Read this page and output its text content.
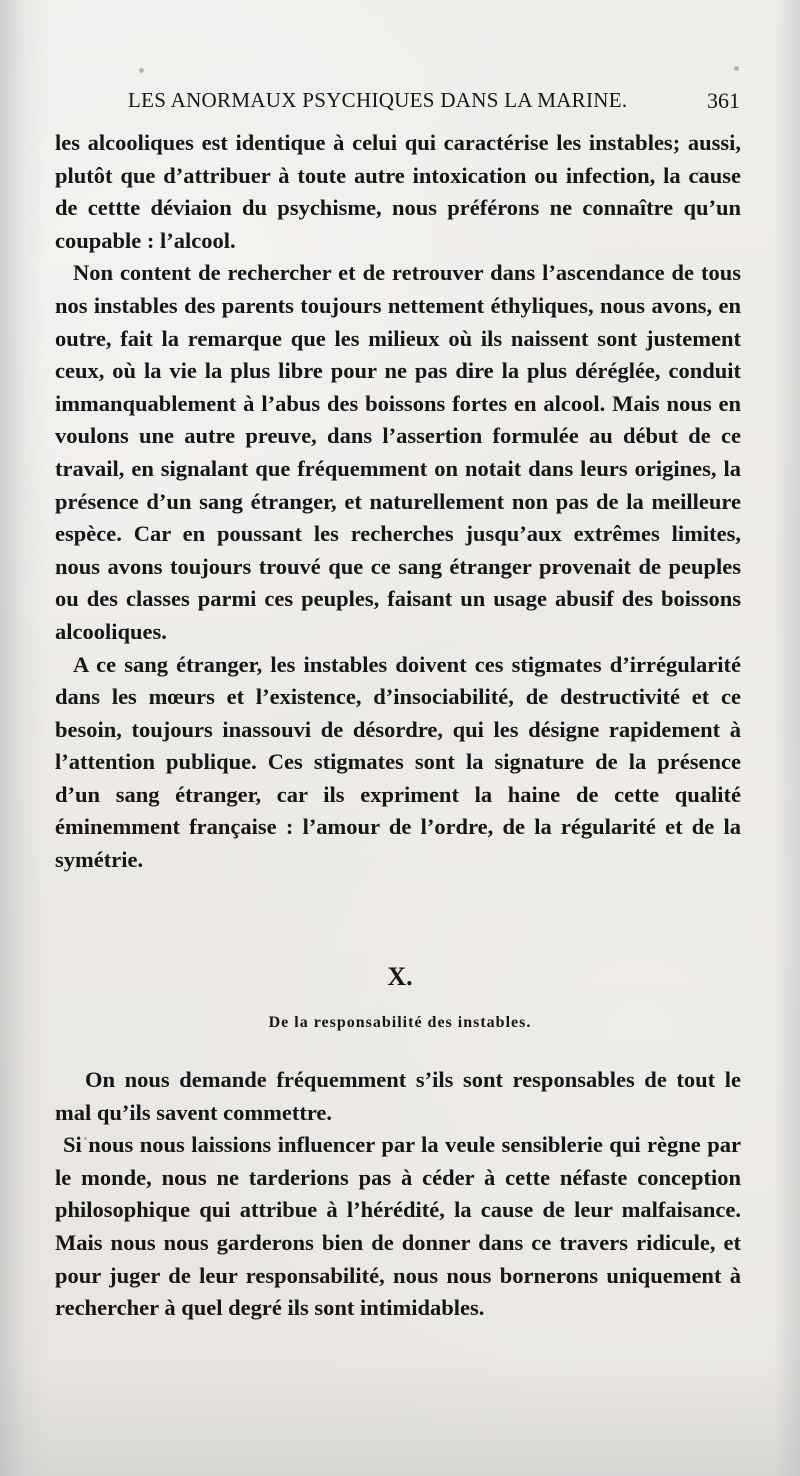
LES ANORMAUX PSYCHIQUES DANS LA MARINE.	361

les alcooliques est identique à celui qui caractérise les instables; aussi, plutôt que d’attribuer à toute autre intoxication ou infection, la cause de cettte déviaion du psychisme, nous préférons ne connaître qu’un coupable : l’alcool.

Non content de rechercher et de retrouver dans l’ascendance de tous nos instables des parents toujours nettement éthyliques, nous avons, en outre, fait la remarque que les milieux où ils naissent sont justement ceux, où la vie la plus libre pour ne pas dire la plus déréglée, conduit immanquablement à l’abus des boissons fortes en alcool. Mais nous en voulons une autre preuve, dans l’assertion formulée au début de ce travail, en signalant que fréquemment on notait dans leurs origines, la présence d’un sang étranger, et naturellement non pas de la meilleure espèce. Car en poussant les recherches jusqu’aux extrêmes limites, nous avons toujours trouvé que ce sang étranger provenait de peuples ou des classes parmi ces peuples, faisant un usage abusif des boissons alcooliques.

A ce sang étranger, les instables doivent ces stigmates d’irrégularité dans les mœurs et l’existence, d’insociabilité, de destructivité et ce besoin, toujours inassouvi de désordre, qui les désigne rapidement à l’attention publique. Ces stigmates sont la signature de la présence d’un sang étranger, car ils expriment la haine de cette qualité éminemment française : l’amour de l’ordre, de la régularité et de la symétrie.

X.
De la responsabilité des instables.

On nous demande fréquemment s’ils sont responsables de tout le mal qu’ils savent commettre.

Si nous nous laissions influencer par la veule sensiblerie qui règne par le monde, nous ne tarderions pas à céder à cette néfaste conception philosophique qui attribue à l’hérédité, la cause de leur malfaisance. Mais nous nous garderons bien de donner dans ce travers ridicule, et pour juger de leur responsabilité, nous nous bornerons uniquement à rechercher à quel degré ils sont intimidables.
